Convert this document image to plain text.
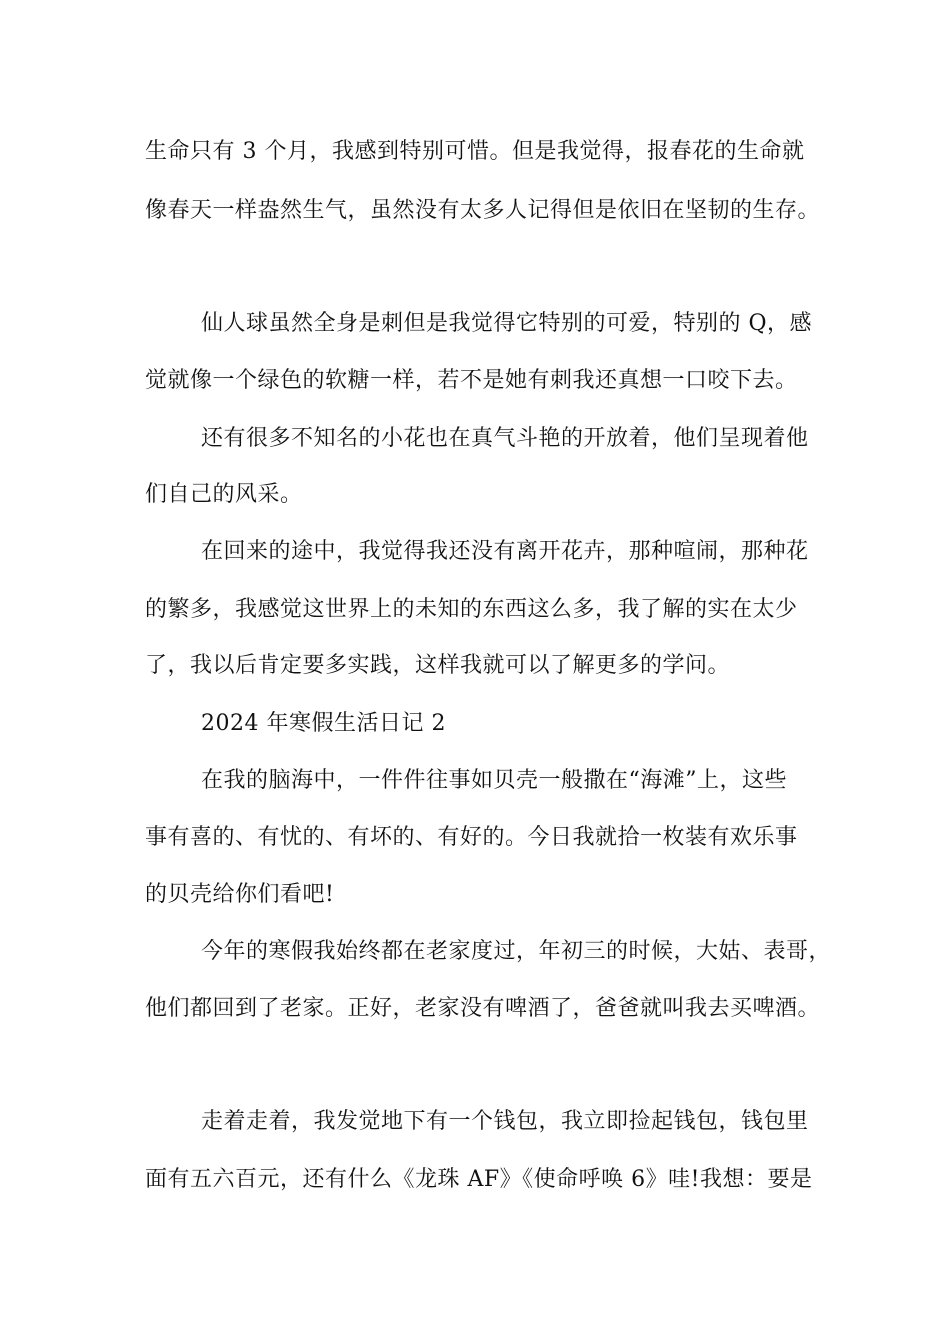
生命只有 3 个月，我感到特别可惜。但是我觉得，报春花的生命就

像春天一样盎然生气，虽然没有太多人记得但是依旧在坚韧的生存。

仙人球虽然全身是刺但是我觉得它特别的可爱，特别的 Q，感

觉就像一个绿色的软糖一样，若不是她有刺我还真想一口咬下去。

还有很多不知名的小花也在真气斗艳的开放着，他们呈现着他

们自己的风采。

在回来的途中，我觉得我还没有离开花卉，那种喧闹，那种花

的繁多，我感觉这世界上的未知的东西这么多，我了解的实在太少

了，我以后肯定要多实践，这样我就可以了解更多的学问。

2024 年寒假生活日记 2

在我的脑海中，一件件往事如贝壳一般撒在“海滩”上，这些

事有喜的、有忧的、有坏的、有好的。今日我就拾一枚装有欢乐事

的贝壳给你们看吧!

今年的寒假我始终都在老家度过，年初三的时候，大姑、表哥，

他们都回到了老家。正好，老家没有啤酒了，爸爸就叫我去买啤酒。

走着走着，我发觉地下有一个钱包，我立即捡起钱包，钱包里

面有五六百元，还有什么《龙珠 AF》《使命呼唤 6》哇!我想：要是
